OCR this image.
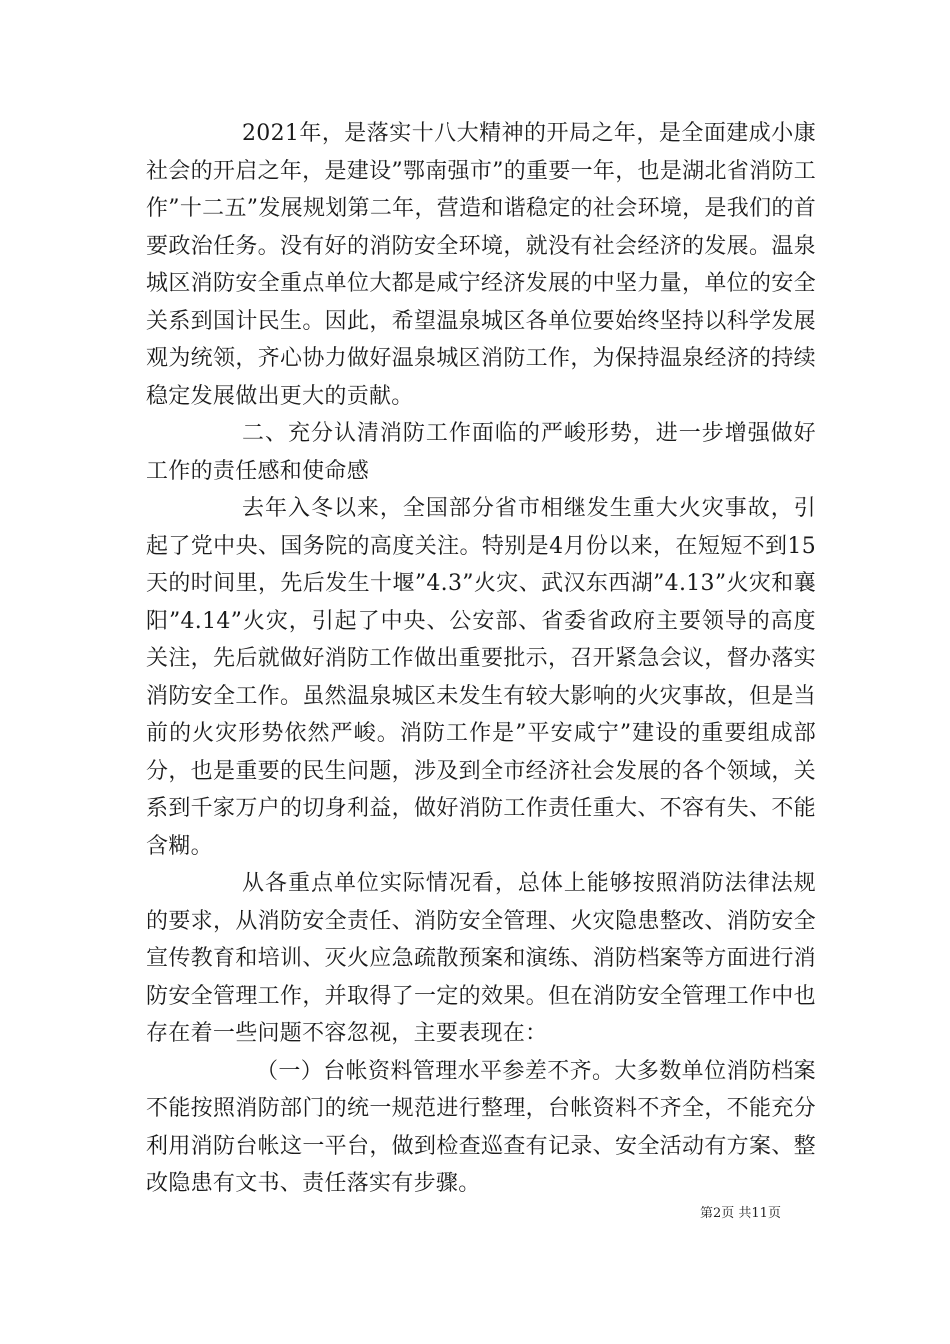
2021年，是落实十八大精神的开局之年，是全面建成小康社会的开启之年，是建设”鄂南强市”的重要一年，也是湖北省消防工作”十二五”发展规划第二年，营造和谐稳定的社会环境，是我们的首要政治任务。没有好的消防安全环境，就没有社会经济的发展。温泉城区消防安全重点单位大都是咸宁经济发展的中坚力量，单位的安全关系到国计民生。因此，希望温泉城区各单位要始终坚持以科学发展观为统领，齐心协力做好温泉城区消防工作，为保持温泉经济的持续稳定发展做出更大的贡献。

二、充分认清消防工作面临的严峻形势，进一步增强做好工作的责任感和使命感

去年入冬以来，全国部分省市相继发生重大火灾事故，引起了党中央、国务院的高度关注。特别是4月份以来，在短短不到15天的时间里，先后发生十堰”4.3”火灾、武汉东西湖”4.13”火灾和襄阳”4.14”火灾，引起了中央、公安部、省委省政府主要领导的高度关注，先后就做好消防工作做出重要批示，召开紧急会议，督办落实消防安全工作。虽然温泉城区未发生有较大影响的火灾事故，但是当前的火灾形势依然严峻。消防工作是”平安咸宁”建设的重要组成部分，也是重要的民生问题，涉及到全市经济社会发展的各个领域，关系到千家万户的切身利益，做好消防工作责任重大、不容有失、不能含糊。

从各重点单位实际情况看，总体上能够按照消防法律法规的要求，从消防安全责任、消防安全管理、火灾隐患整改、消防安全宣传教育和培训、灭火应急疏散预案和演练、消防档案等方面进行消防安全管理工作，并取得了一定的效果。但在消防安全管理工作中也存在着一些问题不容忽视，主要表现在：

（一）台帐资料管理水平参差不齐。大多数单位消防档案不能按照消防部门的统一规范进行整理，台帐资料不齐全，不能充分利用消防台帐这一平台，做到检查巡查有记录、安全活动有方案、整改隐患有文书、责任落实有步骤。

第2页 共11页
